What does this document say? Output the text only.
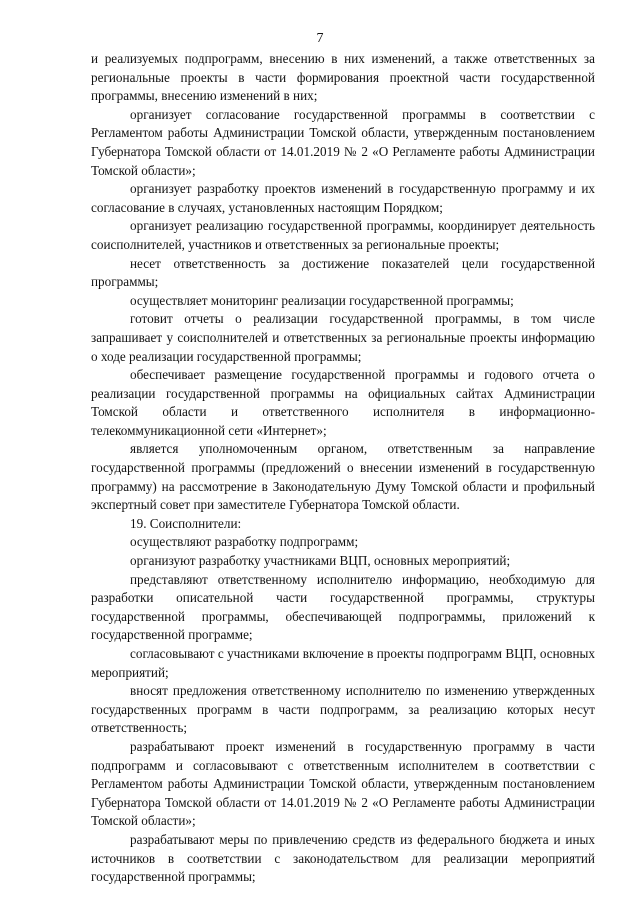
7

и реализуемых подпрограмм, внесению в них изменений, а также ответственных за региональные проекты в части формирования проектной части государственной программы, внесению изменений в них;

организует согласование государственной программы в соответствии с Регламентом работы Администрации Томской области, утвержденным постановлением Губернатора Томской области от 14.01.2019 № 2 «О Регламенте работы Администрации Томской области»;

организует разработку проектов изменений в государственную программу и их согласование в случаях, установленных настоящим Порядком;

организует реализацию государственной программы, координирует деятельность соисполнителей, участников и ответственных за региональные проекты;

несет ответственность за достижение показателей цели государственной программы;

осуществляет мониторинг реализации государственной программы;

готовит отчеты о реализации государственной программы, в том числе запрашивает у соисполнителей и ответственных за региональные проекты информацию о ходе реализации государственной программы;

обеспечивает размещение государственной программы и годового отчета о реализации государственной программы на официальных сайтах Администрации Томской области и ответственного исполнителя в информационно-телекоммуникационной сети «Интернет»;

является уполномоченным органом, ответственным за направление государственной программы (предложений о внесении изменений в государственную программу) на рассмотрение в Законодательную Думу Томской области и профильный экспертный совет при заместителе Губернатора Томской области.

19. Соисполнители:

осуществляют разработку подпрограмм;

организуют разработку участниками ВЦП, основных мероприятий;

представляют ответственному исполнителю информацию, необходимую для разработки описательной части государственной программы, структуры государственной программы, обеспечивающей подпрограммы, приложений к государственной программе;

согласовывают с участниками включение в проекты подпрограмм ВЦП, основных мероприятий;

вносят предложения ответственному исполнителю по изменению утвержденных государственных программ в части подпрограмм, за реализацию которых несут ответственность;

разрабатывают проект изменений в государственную программу в части подпрограмм и согласовывают с ответственным исполнителем в соответствии с Регламентом работы Администрации Томской области, утвержденным постановлением Губернатора Томской области от 14.01.2019 № 2 «О Регламенте работы Администрации Томской области»;

разрабатывают меры по привлечению средств из федерального бюджета и иных источников в соответствии с законодательством для реализации мероприятий государственной программы;
